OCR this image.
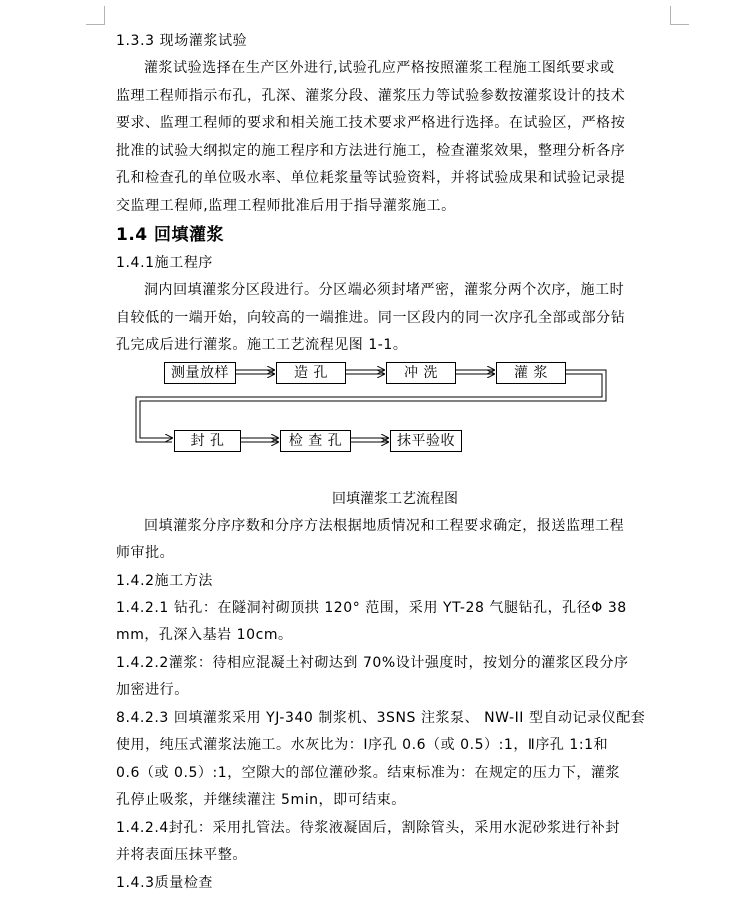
1.3.3 现场灌浆试验

灌浆试验选择在生产区外进行,试验孔应严格按照灌浆工程施工图纸要求或

监理工程师指示布孔，孔深、灌浆分段、灌浆压力等试验参数按灌浆设计的技术

要求、监理工程师的要求和相关施工技术要求严格进行选择。在试验区，严格按

批准的试验大纲拟定的施工程序和方法进行施工，检查灌浆效果，整理分析各序

孔和检查孔的单位吸水率、单位耗浆量等试验资料，并将试验成果和试验记录提

交监理工程师,监理工程师批准后用于指导灌浆施工。

1.4 回填灌浆
1.4.1施工程序

洞内回填灌浆分区段进行。分区端必须封堵严密，灌浆分两个次序，施工时

自较低的一端开始，向较高的一端推进。同一区段内的同一次序孔全部或部分钻

孔完成后进行灌浆。施工工艺流程见图 1-1。

测量放样	造 孔	冲 洗	灌 浆
封 孔	检 查 孔	抹平验收
回填灌浆工艺流程图

回填灌浆分序序数和分序方法根据地质情况和工程要求确定，报送监理工程

师审批。

1.4.2施工方法

1.4.2.1 钻孔：在隧洞衬砌顶拱 120° 范围，采用 YT-28 气腿钻孔，孔径Φ 38

mm，孔深入基岩 10cm。

1.4.2.2灌浆：待相应混凝土衬砌达到 70%设计强度时，按划分的灌浆区段分序

加密进行。

8.4.2.3 回填灌浆采用 YJ-340 制浆机、3SNS 注浆泵、 NW-II 型自动记录仪配套

使用，纯压式灌浆法施工。水灰比为：Ⅰ序孔 0.6（或 0.5）:1，Ⅱ序孔 1:1和

0.6（或 0.5）:1，空隙大的部位灌砂浆。结束标准为：在规定的压力下，灌浆

孔停止吸浆，并继续灌注 5min，即可结束。

1.4.2.4封孔：采用扎管法。待浆液凝固后，割除管头，采用水泥砂浆进行补封

并将表面压抹平整。

1.4.3质量检查
